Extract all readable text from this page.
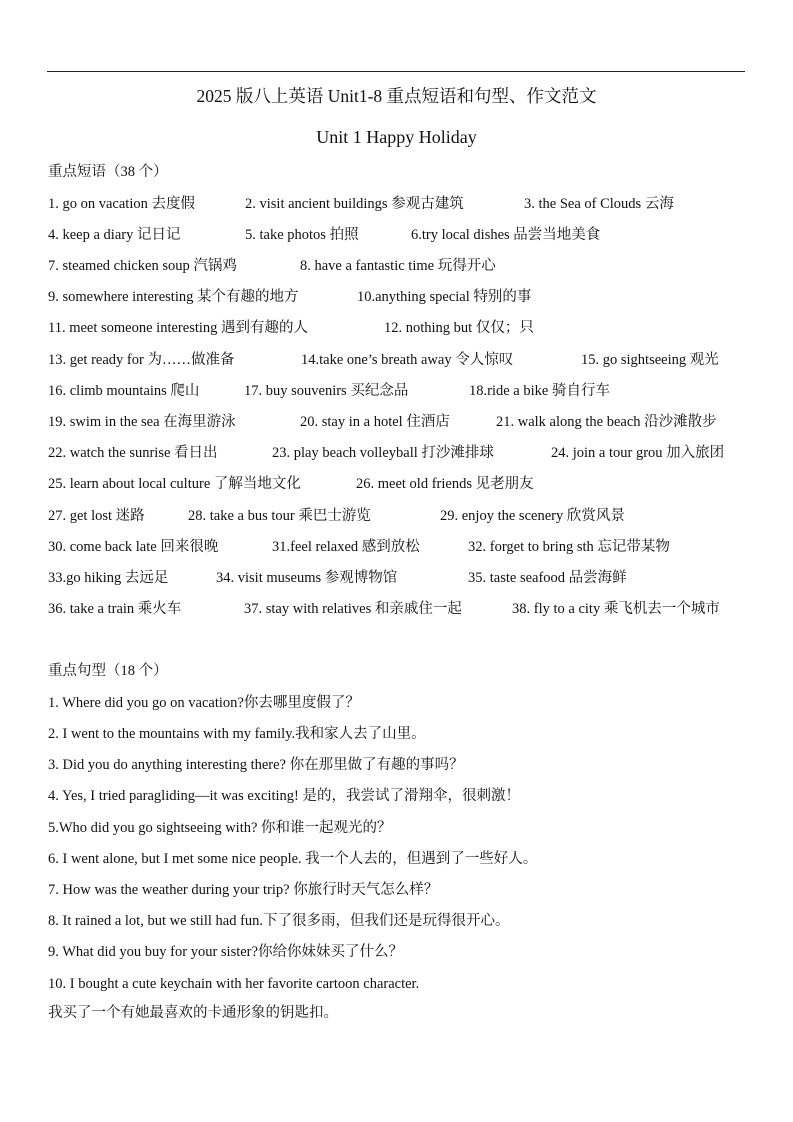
2025 版八上英语 Unit1-8 重点短语和句型、作文范文
Unit 1 Happy Holiday
重点短语（38 个）
1. go on vacation 去度假	2. visit ancient buildings 参观古建筑	3. the Sea of Clouds 云海
4. keep a diary 记日记	5. take photos 拍照	6.try local dishes 品尝当地美食
7. steamed chicken soup 汽锅鸡	8. have a fantastic time 玩得开心
9. somewhere interesting 某个有趣的地方	10.anything special 特别的事
11. meet someone interesting 遇到有趣的人	12. nothing but 仅仅；只
13. get ready for 为……做准备	14.take one’s breath away 令人惊叹	15. go sightseeing 观光
16. climb mountains 爬山	17. buy souvenirs 买纪念品	18.ride a bike 骑自行车
19. swim in the sea 在海里游泳	20. stay in a hotel 住酒店	21. walk along the beach 沿沙滩散步
22. watch the sunrise 看日出	23. play beach volleyball 打沙滩排球	24. join a tour grou 加入旅团
25. learn about local culture 了解当地文化	26. meet old friends 见老朋友
27. get lost 迷路	28. take a bus tour 乘巴士游览	29. enjoy the scenery 欣赏风景
30. come back late 回来很晚	31.feel relaxed 感到放松	32. forget to bring sth 忘记带某物
33.go hiking 去远足	34. visit museums 参观博物馆	35. taste seafood 品尝海鲜
36. take a train 乘火车	37. stay with relatives 和亲戚住一起	38. fly to a city 乘飞机去一个城市
重点句型（18 个）
1. Where did you go on vacation?你去哪里度假了？
2. I went to the mountains with my family.我和家人去了山里。
3. Did you do anything interesting there? 你在那里做了有趣的事吗？
4. Yes, I tried paragliding—it was exciting! 是的，我尝试了滑翔伞，很刺激！
5.Who did you go sightseeing with? 你和谁一起观光的？
6. I went alone, but I met some nice people. 我一个人去的，但遇到了一些好人。
7. How was the weather during your trip? 你旅行时天气怎么样？
8. It rained a lot, but we still had fun.下了很多雨，但我们还是玩得很开心。
9. What did you buy for your sister?你给你妹妹买了什么？
10. I bought a cute keychain with her favorite cartoon character.
我买了一个有她最喜欢的卡通形象的钥匙扣。
